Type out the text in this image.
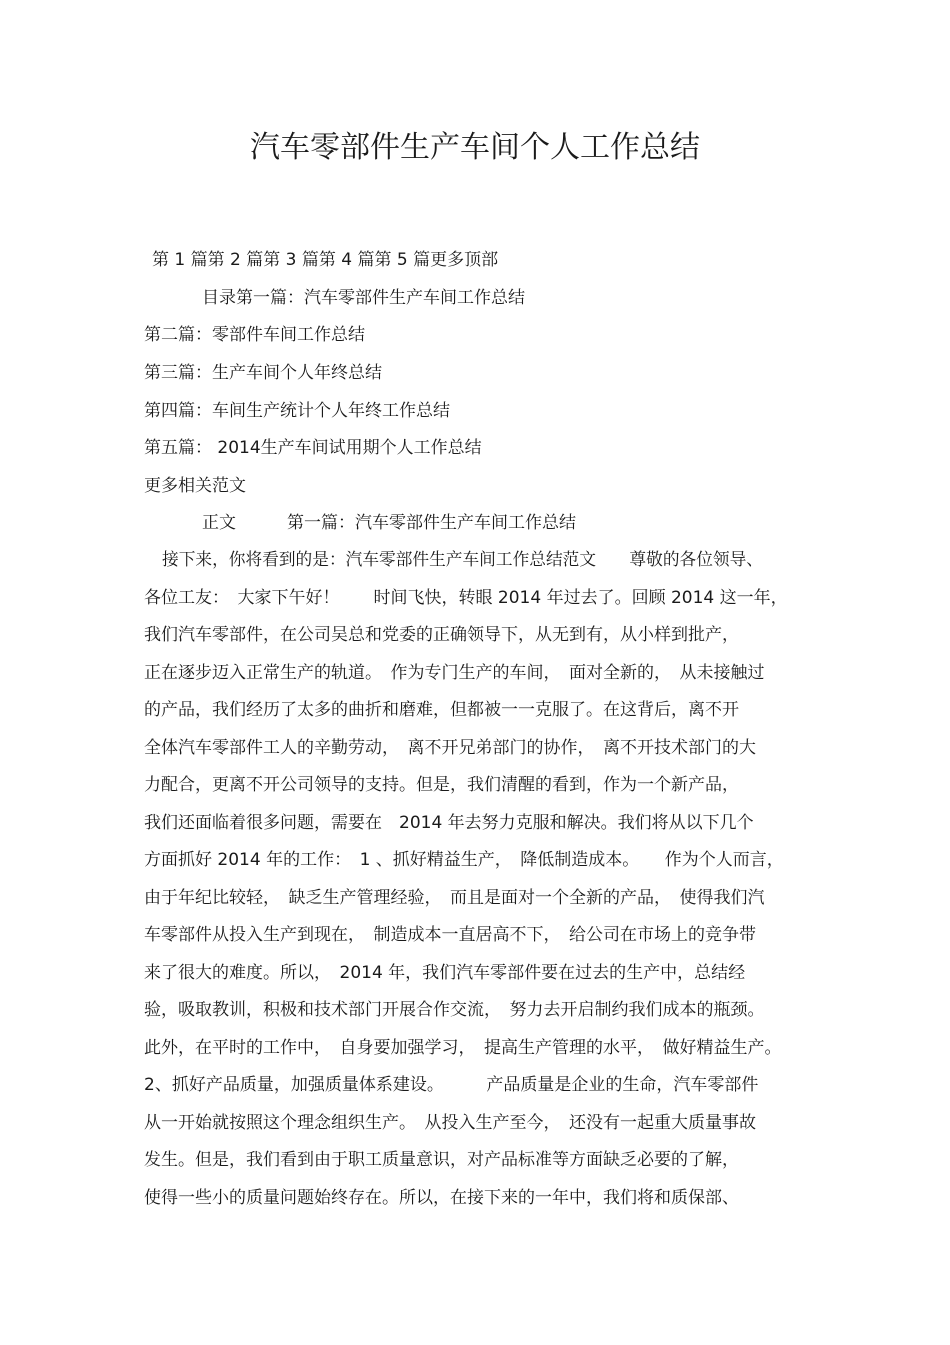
汽车零部件生产车间个人工作总结
第 1 篇第 2 篇第 3 篇第 4 篇第 5 篇更多顶部
目录第一篇：汽车零部件生产车间工作总结
第二篇：零部件车间工作总结
第三篇：生产车间个人年终总结
第四篇：车间生产统计个人年终工作总结
第五篇： 2014生产车间试用期个人工作总结
更多相关范文
正文　　　第一篇：汽车零部件生产车间工作总结
接下来，你将看到的是：汽车零部件生产车间工作总结范文　　尊敬的各位领导、
各位工友：　大家下午好！　　时间飞快，转眼 2014 年过去了。回顾 2014 这一年，
我们汽车零部件，在公司吴总和党委的正确领导下，从无到有，从小样到批产，
正在逐步迈入正常生产的轨道。　作为专门生产的车间，　面对全新的，　从未接触过
的产品，我们经历了太多的曲折和磨难，但都被一一克服了。在这背后，离不开
全体汽车零部件工人的辛勤劳动，　离不开兄弟部门的协作，　离不开技术部门的大
力配合，更离不开公司领导的支持。但是，我们清醒的看到，作为一个新产品，
我们还面临着很多问题，需要在　2014 年去努力克服和解决。我们将从以下几个
方面抓好 2014 年的工作：　1 、抓好精益生产，　降低制造成本。　　作为个人而言，
由于年纪比较轻，　缺乏生产管理经验，　而且是面对一个全新的产品，　使得我们汽
车零部件从投入生产到现在，　制造成本一直居高不下，　给公司在市场上的竞争带
来了很大的难度。所以，　2014 年，我们汽车零部件要在过去的生产中，总结经
验，吸取教训，积极和技术部门开展合作交流，　努力去开启制约我们成本的瓶颈。
此外，在平时的工作中，　自身要加强学习，　提高生产管理的水平，　做好精益生产。
2、抓好产品质量，加强质量体系建设。　　　产品质量是企业的生命，汽车零部件
从一开始就按照这个理念组织生产。　从投入生产至今，　还没有一起重大质量事故
发生。但是，我们看到由于职工质量意识，对产品标准等方面缺乏必要的了解，
使得一些小的质量问题始终存在。所以，在接下来的一年中，我们将和质保部、
